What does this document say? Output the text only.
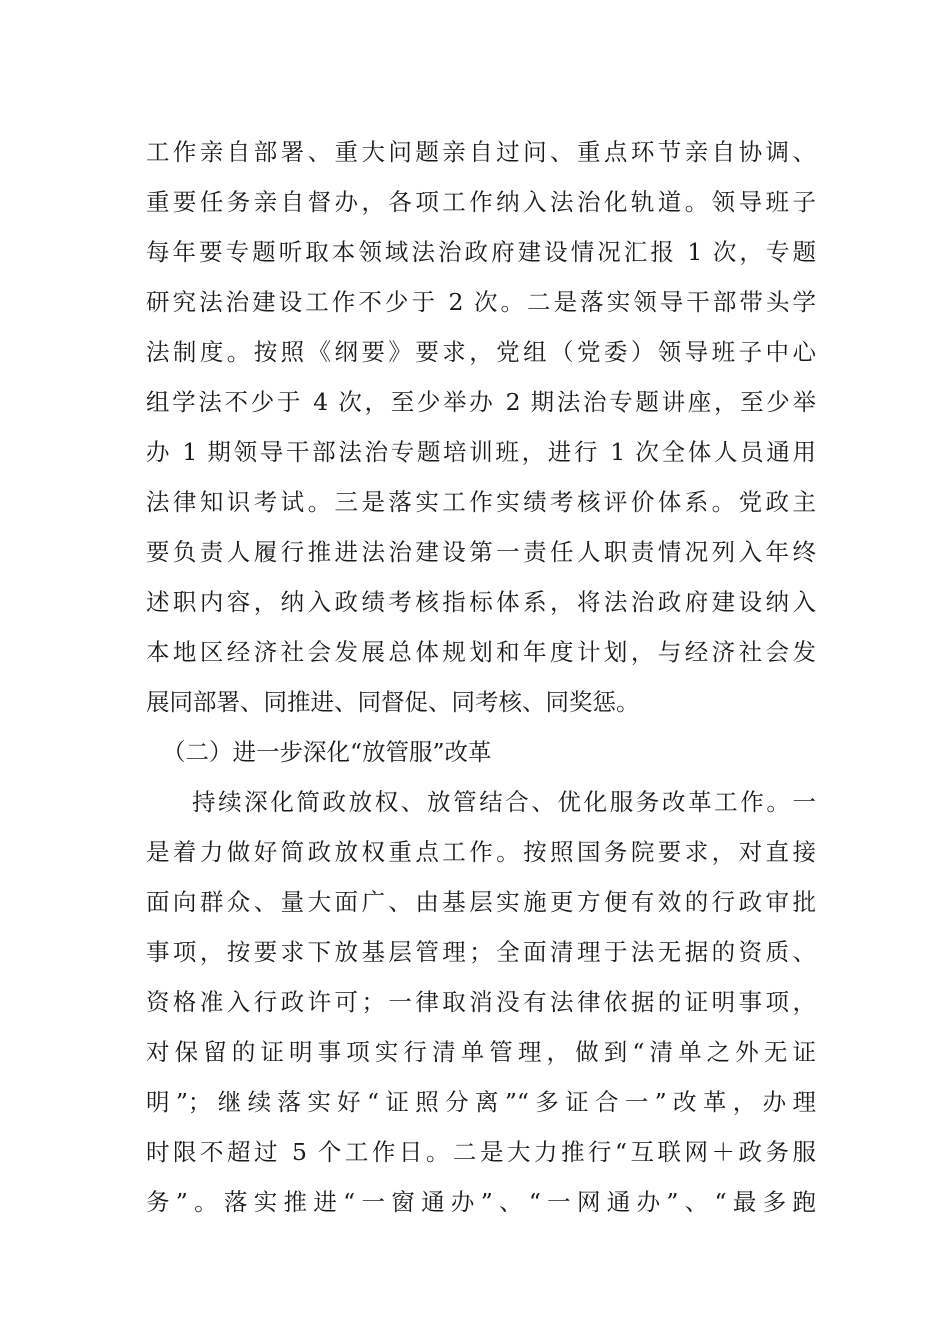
工作亲自部署、重大问题亲自过问、重点环节亲自协调、
重要任务亲自督办，各项工作纳入法治化轨道。领导班子
每年要专题听取本领域法治政府建设情况汇报 1 次，专题
研究法治建设工作不少于 2 次。二是落实领导干部带头学
法制度。按照《纲要》要求，党组（党委）领导班子中心
组学法不少于 4 次，至少举办 2 期法治专题讲座，至少举
办 1 期领导干部法治专题培训班，进行 1 次全体人员通用
法律知识考试。三是落实工作实绩考核评价体系。党政主
要负责人履行推进法治建设第一责任人职责情况列入年终
述职内容，纳入政绩考核指标体系，将法治政府建设纳入
本地区经济社会发展总体规划和年度计划，与经济社会发
展同部署、同推进、同督促、同考核、同奖惩。
（二）进一步深化“放管服”改革
持续深化简政放权、放管结合、优化服务改革工作。一
是着力做好简政放权重点工作。按照国务院要求，对直接
面向群众、量大面广、由基层实施更方便有效的行政审批
事项，按要求下放基层管理；全面清理于法无据的资质、
资格准入行政许可；一律取消没有法律依据的证明事项，
对保留的证明事项实行清单管理，做到“清单之外无证
明”；继续落实好“证照分离”“多证合一”改革，办理
时限不超过 5 个工作日。二是大力推行“互联网＋政务服
务”。落实推进“一窗通办”、“一网通办”、“最多跑
